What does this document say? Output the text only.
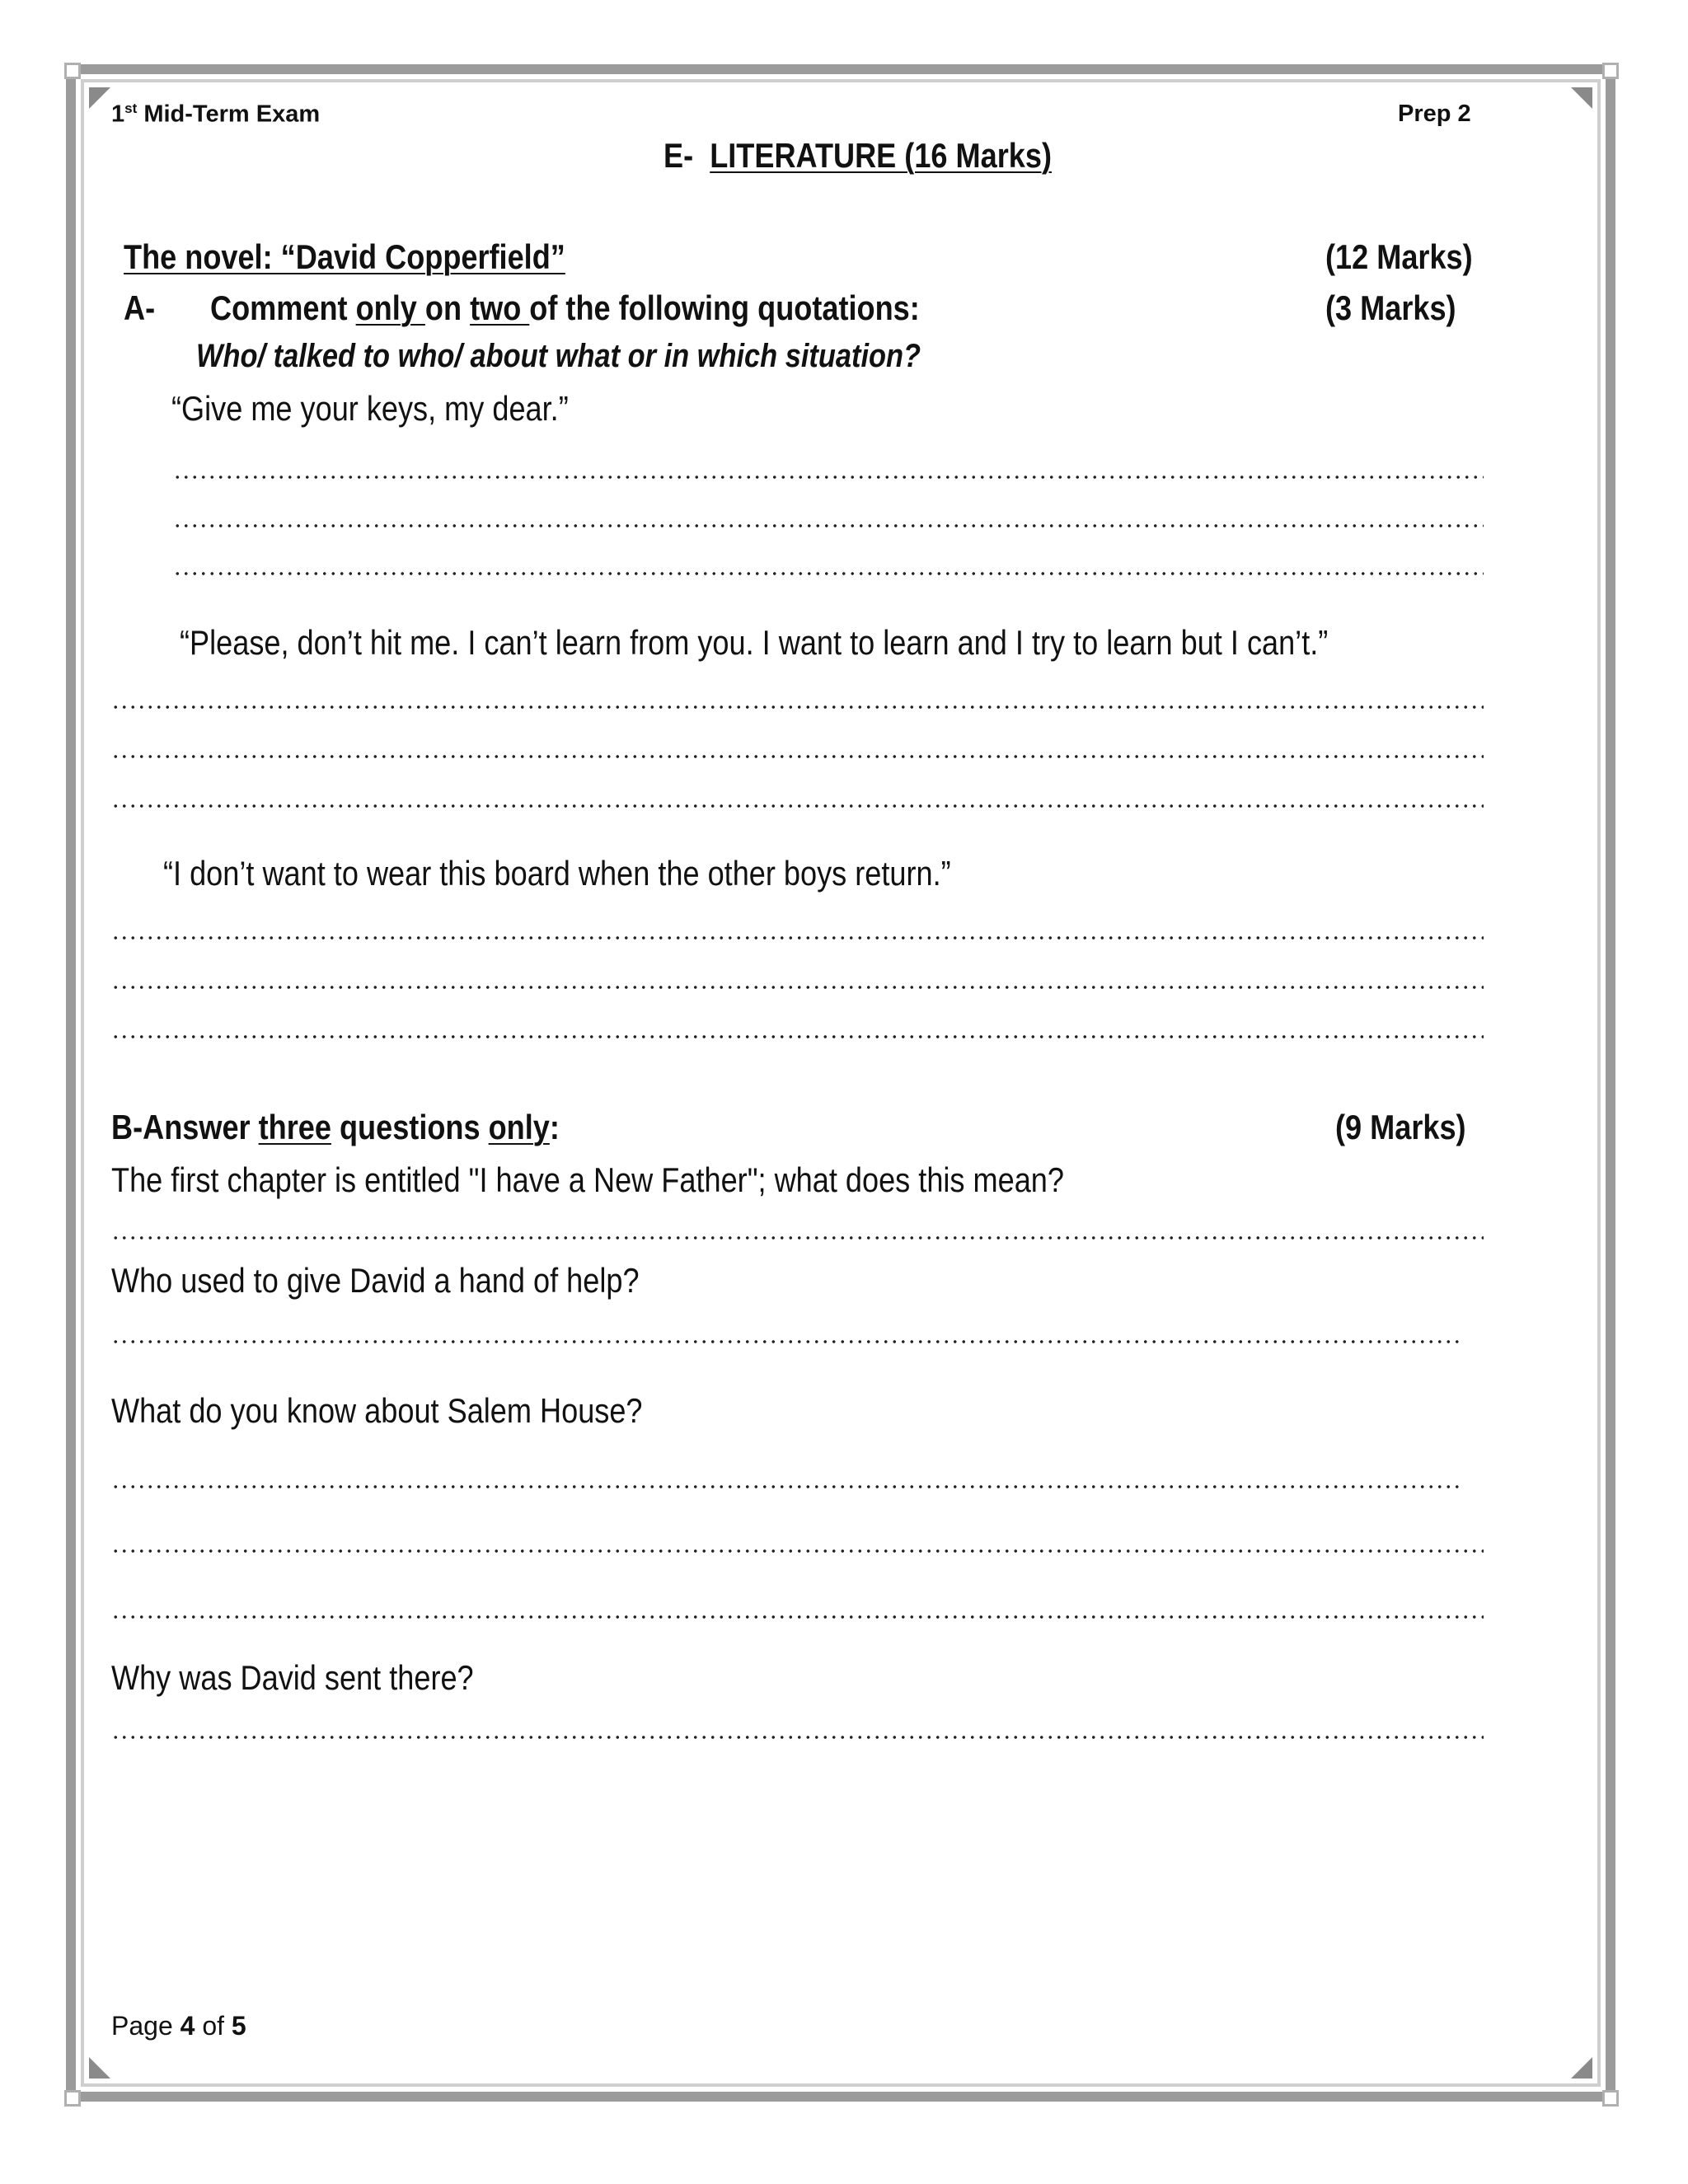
1st Mid-Term Exam	Prep 2
E- LITERATURE (16 Marks)
The novel: “David Copperfield”	(12 Marks)
A- Comment only on two of the following quotations:	(3 Marks)
Who/ talked to who/ about what or in which situation?
“Give me your keys, my dear.”
“Please, don’t hit me. I can’t learn from you. I want to learn and I try to learn but I can’t.”
“I don’t want to wear this board when the other boys return.”
B-Answer three questions only:	(9 Marks)
The first chapter is entitled "I have a New Father"; what does this mean?
Who used to give David a hand of help?
What do you know about Salem House?
Why was David sent there?
Page 4 of 5
